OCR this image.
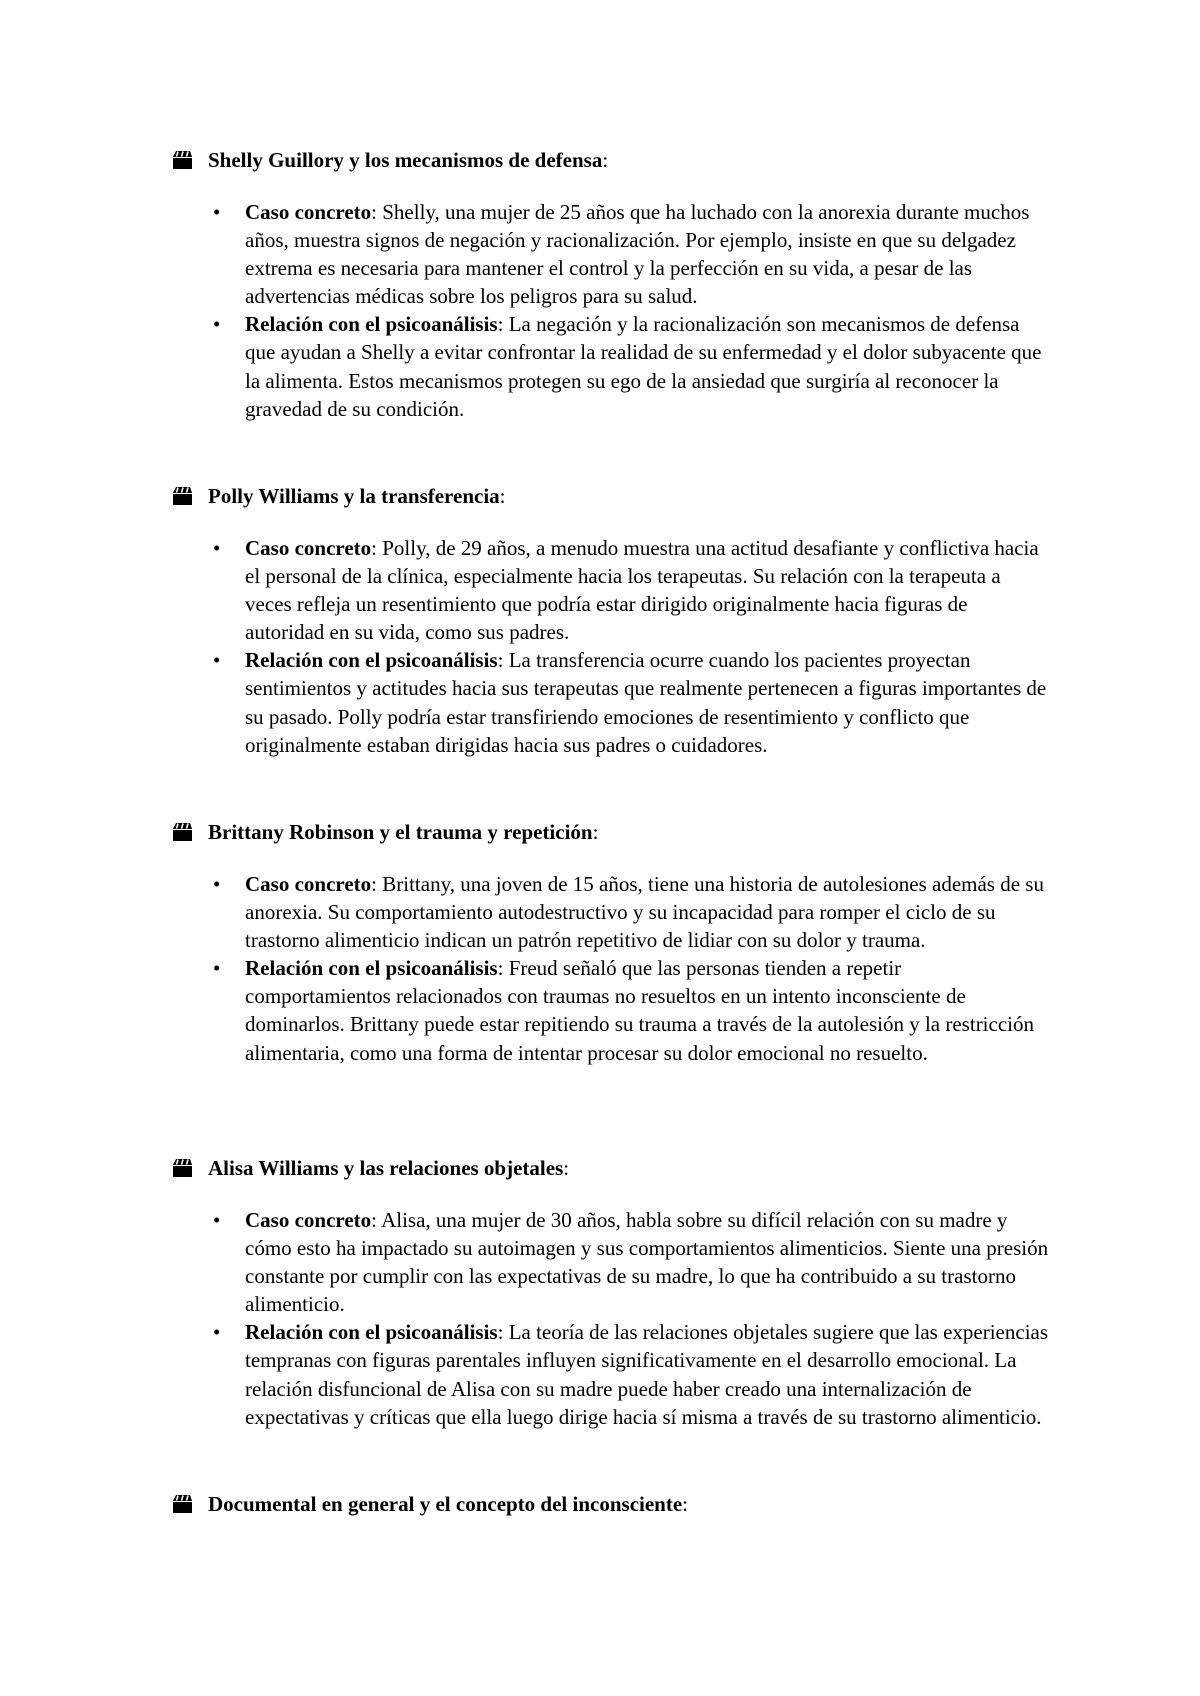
Shelly Guillory y los mecanismos de defensa:
• Caso concreto: Shelly, una mujer de 25 años que ha luchado con la anorexia durante muchos años, muestra signos de negación y racionalización. Por ejemplo, insiste en que su delgadez extrema es necesaria para mantener el control y la perfección en su vida, a pesar de las advertencias médicas sobre los peligros para su salud.
• Relación con el psicoanálisis: La negación y la racionalización son mecanismos de defensa que ayudan a Shelly a evitar confrontar la realidad de su enfermedad y el dolor subyacente que la alimenta. Estos mecanismos protegen su ego de la ansiedad que surgiría al reconocer la gravedad de su condición.
Polly Williams y la transferencia:
• Caso concreto: Polly, de 29 años, a menudo muestra una actitud desafiante y conflictiva hacia el personal de la clínica, especialmente hacia los terapeutas. Su relación con la terapeuta a veces refleja un resentimiento que podría estar dirigido originalmente hacia figuras de autoridad en su vida, como sus padres.
• Relación con el psicoanálisis: La transferencia ocurre cuando los pacientes proyectan sentimientos y actitudes hacia sus terapeutas que realmente pertenecen a figuras importantes de su pasado. Polly podría estar transfiriendo emociones de resentimiento y conflicto que originalmente estaban dirigidas hacia sus padres o cuidadores.
Brittany Robinson y el trauma y repetición:
• Caso concreto: Brittany, una joven de 15 años, tiene una historia de autolesiones además de su anorexia. Su comportamiento autodestructivo y su incapacidad para romper el ciclo de su trastorno alimenticio indican un patrón repetitivo de lidiar con su dolor y trauma.
• Relación con el psicoanálisis: Freud señaló que las personas tienden a repetir comportamientos relacionados con traumas no resueltos en un intento inconsciente de dominarlos. Brittany puede estar repitiendo su trauma a través de la autolesión y la restricción alimentaria, como una forma de intentar procesar su dolor emocional no resuelto.
Alisa Williams y las relaciones objetales:
• Caso concreto: Alisa, una mujer de 30 años, habla sobre su difícil relación con su madre y cómo esto ha impactado su autoimagen y sus comportamientos alimenticios. Siente una presión constante por cumplir con las expectativas de su madre, lo que ha contribuido a su trastorno alimenticio.
• Relación con el psicoanálisis: La teoría de las relaciones objetales sugiere que las experiencias tempranas con figuras parentales influyen significativamente en el desarrollo emocional. La relación disfuncional de Alisa con su madre puede haber creado una internalización de expectativas y críticas que ella luego dirige hacia sí misma a través de su trastorno alimenticio.
Documental en general y el concepto del inconsciente:
